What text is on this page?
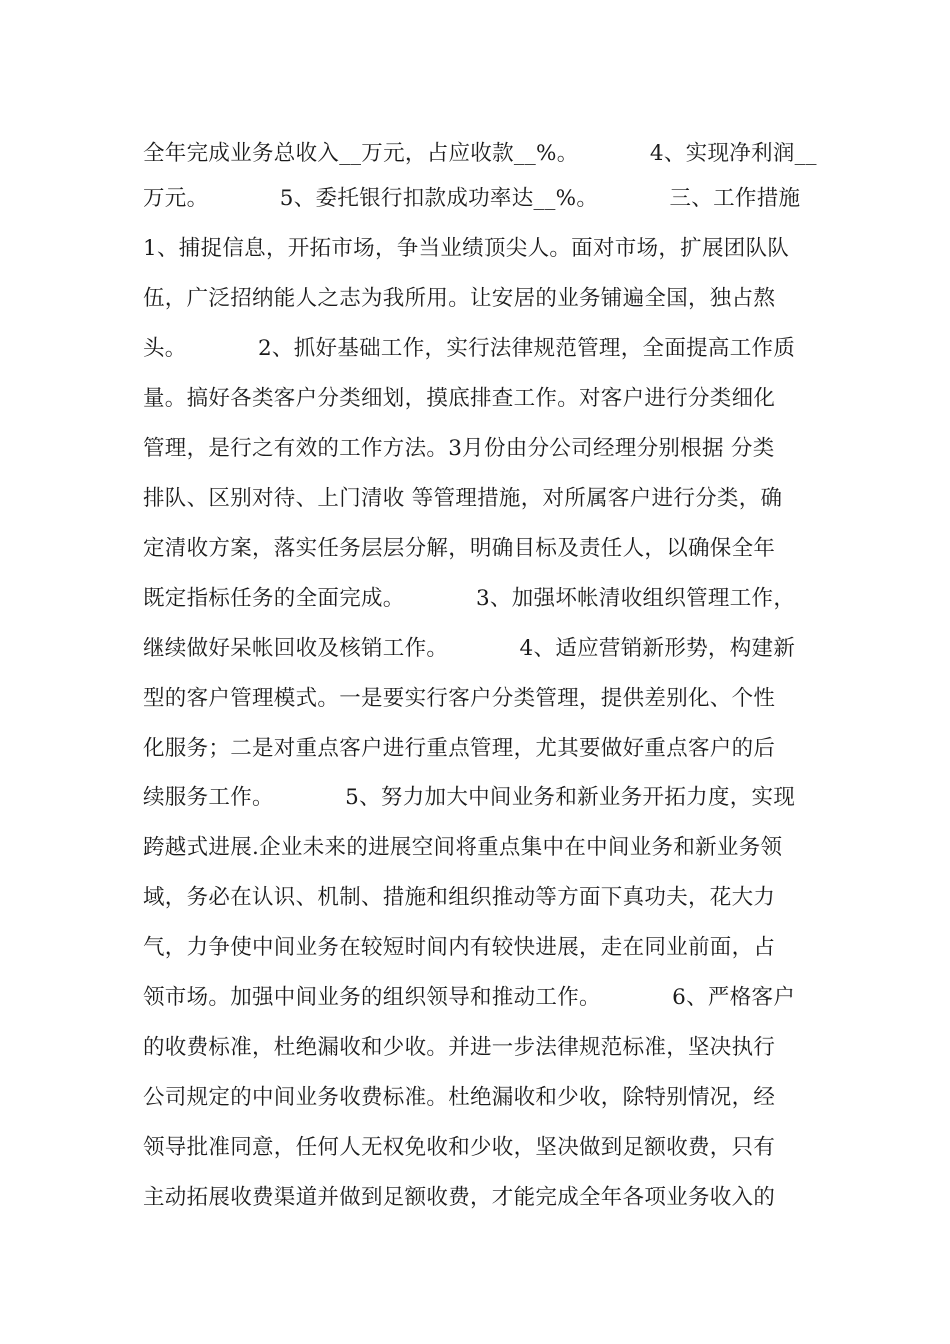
全年完成业务总收入__万元，占应收款__%。          4、实现净利润__
万元。          5、委托银行扣款成功率达__%。          三、工作措施
1、捕捉信息，开拓市场，争当业绩顶尖人。面对市场，扩展团队队
伍，广泛招纳能人之志为我所用。让安居的业务铺遍全国，独占熬
头。          2、抓好基础工作，实行法律规范管理，全面提高工作质
量。搞好各类客户分类细划，摸底排查工作。对客户进行分类细化
管理，是行之有效的工作方法。3月份由分公司经理分别根据 分类
排队、区别对待、上门清收 等管理措施，对所属客户进行分类，确
定清收方案，落实任务层层分解，明确目标及责任人，以确保全年
既定指标任务的全面完成。          3、加强坏帐清收组织管理工作，
继续做好呆帐回收及核销工作。          4、适应营销新形势，构建新
型的客户管理模式。一是要实行客户分类管理，提供差别化、个性
化服务；二是对重点客户进行重点管理，尤其要做好重点客户的后
续服务工作。          5、努力加大中间业务和新业务开拓力度，实现
跨越式进展.企业未来的进展空间将重点集中在中间业务和新业务领
域，务必在认识、机制、措施和组织推动等方面下真功夫，花大力
气，力争使中间业务在较短时间内有较快进展，走在同业前面，占
领市场。加强中间业务的组织领导和推动工作。          6、严格客户
的收费标准，杜绝漏收和少收。并进一步法律规范标准，坚决执行
公司规定的中间业务收费标准。杜绝漏收和少收，除特别情况，经
领导批准同意，任何人无权免收和少收，坚决做到足额收费，只有
主动拓展收费渠道并做到足额收费，才能完成全年各项业务收入的
